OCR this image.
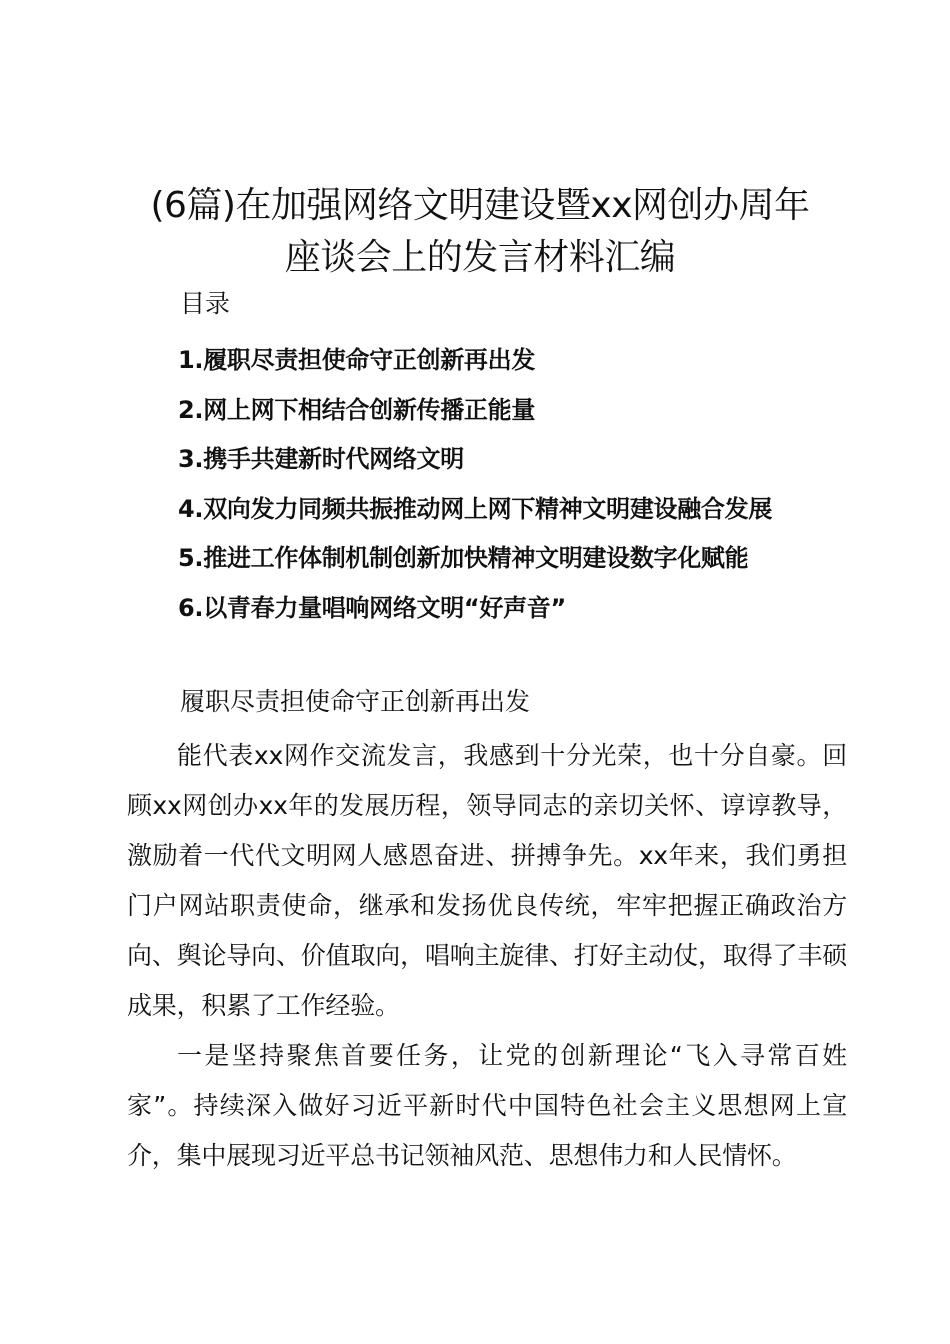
(6篇)在加强网络文明建设暨xx网创办周年
座谈会上的发言材料汇编
目录
1.履职尽责担使命守正创新再出发
2.网上网下相结合创新传播正能量
3.携手共建新时代网络文明
4.双向发力同频共振推动网上网下精神文明建设融合发展
5.推进工作体制机制创新加快精神文明建设数字化赋能
6.以青春力量唱响网络文明“好声音”
履职尽责担使命守正创新再出发

能代表xx网作交流发言，我感到十分光荣，也十分自豪。回顾xx网创办xx年的发展历程，领导同志的亲切关怀、谆谆教导，激励着一代代文明网人感恩奋进、拼搏争先。xx年来，我们勇担门户网站职责使命，继承和发扬优良传统，牢牢把握正确政治方向、舆论导向、价值取向，唱响主旋律、打好主动仗，取得了丰硕成果，积累了工作经验。

一是坚持聚焦首要任务，让党的创新理论“飞入寻常百姓家”。持续深入做好习近平新时代中国特色社会主义思想网上宣介，集中展现习近平总书记领袖风范、思想伟力和人民情怀。
